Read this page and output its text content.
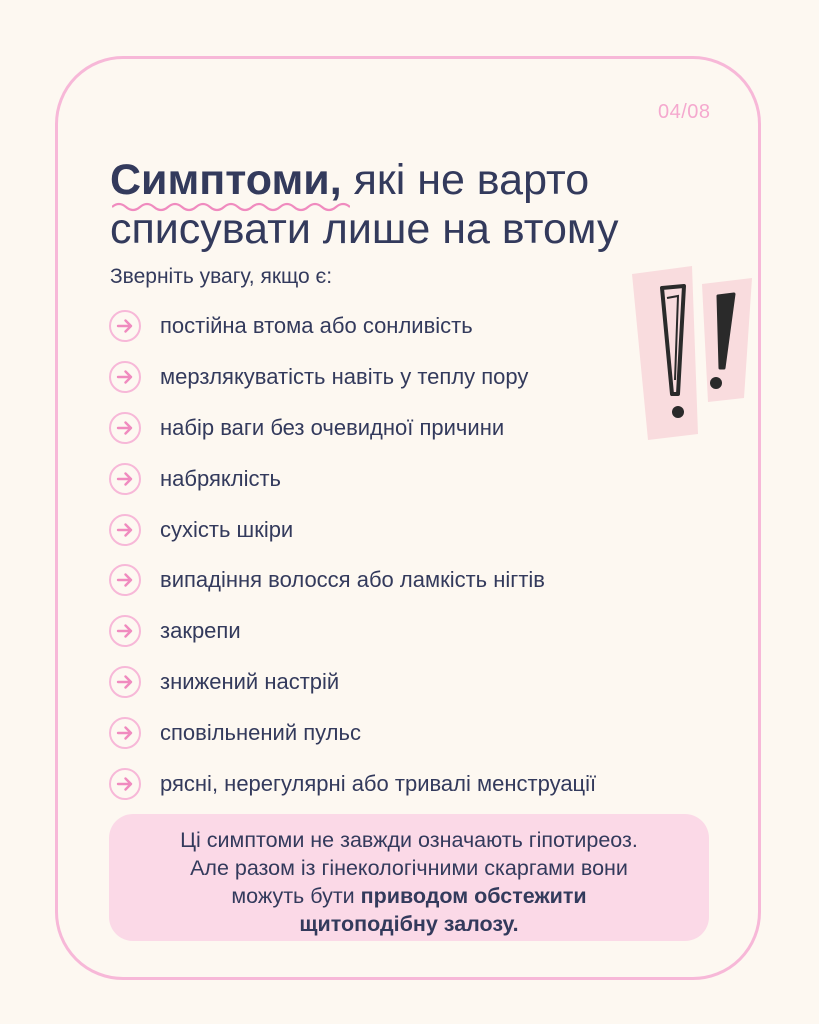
04/08
Симптоми,
які не варто
списувати лише на втому
Зверніть увагу, якщо є:
постійна втома або сонливість
мерзлякуватість навіть у теплу пору
набір ваги без очевидної причини
набряклість
сухість шкіри
випадіння волосся або ламкість нігтів
закрепи
знижений настрій
сповільнений пульс
рясні, нерегулярні або тривалі менструації
Ці симптоми не завжди означають гіпотиреоз.
Але разом із гінекологічними скаргами вони
можуть бути приводом обстежити
щитоподібну залозу.
